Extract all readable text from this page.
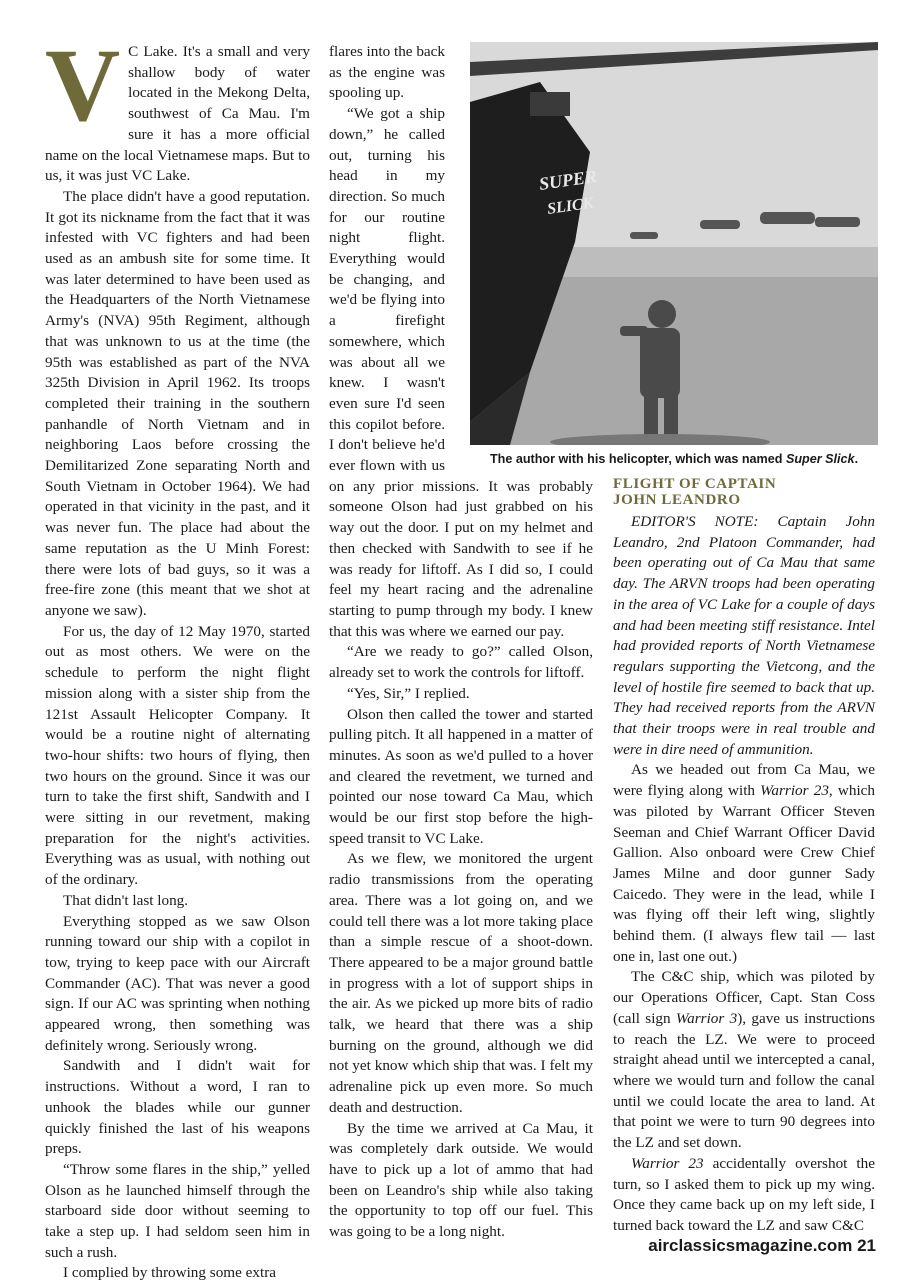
V C Lake. It's a small and very shallow body of water located in the Mekong Delta, southwest of Ca Mau. I'm sure it has a more official name on the local Vietnamese maps. But to us, it was just VC Lake.

The place didn't have a good reputation. It got its nickname from the fact that it was infested with VC fighters and had been used as an ambush site for some time. It was later determined to have been used as the Headquarters of the North Vietnamese Army's (NVA) 95th Regiment, although that was unknown to us at the time (the 95th was established as part of the NVA 325th Division in April 1962. Its troops completed their training in the southern panhandle of North Vietnam and in neighboring Laos before crossing the Demilitarized Zone separating North and South Vietnam in October 1964). We had operated in that vicinity in the past, and it was never fun. The place had about the same reputation as the U Minh Forest: there were lots of bad guys, so it was a free-fire zone (this meant that we shot at anyone we saw).

For us, the day of 12 May 1970, started out as most others. We were on the schedule to perform the night flight mission along with a sister ship from the 121st Assault Helicopter Company. It would be a routine night of alternating two-hour shifts: two hours of flying, then two hours on the ground. Since it was our turn to take the first shift, Sandwith and I were sitting in our revetment, making preparation for the night's activities. Everything was as usual, with nothing out of the ordinary.

That didn't last long.

Everything stopped as we saw Olson running toward our ship with a copilot in tow, trying to keep pace with our Aircraft Commander (AC). That was never a good sign. If our AC was sprinting when nothing appeared wrong, then something was definitely wrong. Seriously wrong.

Sandwith and I didn't wait for instructions. Without a word, I ran to unhook the blades while our gunner quickly finished the last of his weapons preps.

“Throw some flares in the ship,” yelled Olson as he launched himself through the starboard side door without seeming to take a step up. I had seldom seen him in such a rush.

I complied by throwing some extra

flares into the back as the engine was spooling up.

“We got a ship down,” he called out, turning his head in my direction. So much for our routine night flight. Everything would be changing, and we'd be flying into a firefight somewhere, which was about all we knew. I wasn't even sure I'd seen this copilot before. I don't believe he'd ever flown with us on any prior missions. It was probably someone Olson had just grabbed on his way out the door. I put on my helmet and then checked with Sandwith to see if he was ready for liftoff. As I did so, I could feel my heart racing and the adrenaline starting to pump through my body. I knew that this was where we earned our pay.

“Are we ready to go?” called Olson, already set to work the controls for liftoff.

“Yes, Sir,” I replied.

Olson then called the tower and started pulling pitch. It all happened in a matter of minutes. As soon as we'd pulled to a hover and cleared the revetment, we turned and pointed our nose toward Ca Mau, which would be our first stop before the high-speed transit to VC Lake.

As we flew, we monitored the urgent radio transmissions from the operating area. There was a lot going on, and we could tell there was a lot more taking place than a simple rescue of a shoot-down. There appeared to be a major ground battle in progress with a lot of support ships in the air. As we picked up more bits of radio talk, we heard that there was a ship burning on the ground, although we did not yet know which ship that was. I felt my adrenaline pick up even more. So much death and destruction.

By the time we arrived at Ca Mau, it was completely dark outside. We would have to pick up a lot of ammo that had been on Leandro's ship while also taking the opportunity to top off our fuel. This was going to be a long night.

SUPER
SLICK
The author with his helicopter, which was named Super Slick.
FLIGHT OF CAPTAIN
JOHN LEANDRO

EDITOR'S NOTE: Captain John Leandro, 2nd Platoon Commander, had been operating out of Ca Mau that same day. The ARVN troops had been operating in the area of VC Lake for a couple of days and had been meeting stiff resistance. Intel had provided reports of North Vietnamese regulars supporting the Vietcong, and the level of hostile fire seemed to back that up. They had received reports from the ARVN that their troops were in real trouble and were in dire need of ammunition.

As we headed out from Ca Mau, we were flying along with Warrior 23, which was piloted by Warrant Officer Steven Seeman and Chief Warrant Officer David Gallion. Also onboard were Crew Chief James Milne and door gunner Sady Caicedo. They were in the lead, while I was flying off their left wing, slightly behind them. (I always flew tail — last one in, last one out.)

The C&C ship, which was piloted by our Operations Officer, Capt. Stan Coss (call sign Warrior 3), gave us instructions to reach the LZ. We were to proceed straight ahead until we intercepted a canal, where we would turn and follow the canal until we could locate the area to land. At that point we were to turn 90 degrees into the LZ and set down.

Warrior 23 accidentally overshot the turn, so I asked them to pick up my wing. Once they came back up on my left side, I turned back toward the LZ and saw C&C

airclassicsmagazine.com 21
